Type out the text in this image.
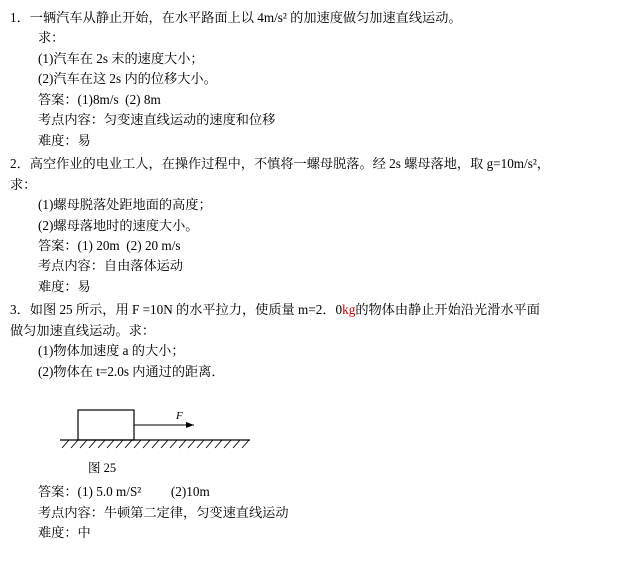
1．一辆汽车从静止开始，在水平路面上以 4m/s² 的加速度做匀加速直线运动。
求：
(1)汽车在 2s 末的速度大小；
(2)汽车在这 2s 内的位移大小。
答案：(1)8m/s  (2) 8m
考点内容：匀变速直线运动的速度和位移
难度：易
2．高空作业的电业工人，在操作过程中，不慎将一螺母脱落。经 2s 螺母落地，取 g=10m/s²，
求：
(1)螺母脱落处距地面的高度；
(2)螺母落地时的速度大小。
答案：(1) 20m  (2) 20 m/s
考点内容：自由落体运动
难度：易
3．如图 25 所示，用 F =10N 的水平拉力，使质量 m=2．0kg的物体由静止开始沿光滑水平面
做匀加速直线运动。求：
(1)物体加速度 a 的大小；
(2)物体在 t=2.0s 内通过的距离．
F
图 25
答案：(1) 5.0 m/S²         (2)10m
考点内容：牛顿第二定律，匀变速直线运动
难度：中
